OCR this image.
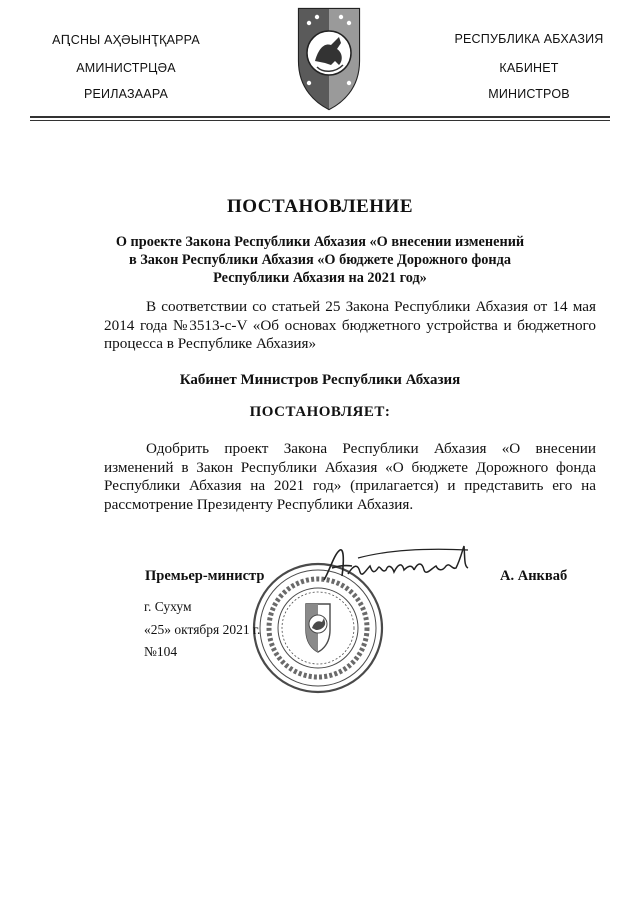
АԤСНЫ АҲӘЫНҬҚАРРА
АМИНИСТРЦӘА
РЕИЛАЗААРА
РЕСПУБЛИКА АБХАЗИЯ
КАБИНЕТ
МИНИСТРОВ
ПОСТАНОВЛЕНИЕ
О проекте Закона Республики Абхазия «О внесении изменений
в Закон Республики Абхазия «О бюджете Дорожного фонда
Республики Абхазия на 2021 год»
В соответствии со статьей 25 Закона Республики Абхазия от 14 мая 2014 года №3513-с-V «Об основах бюджетного устройства и бюджетного процесса в Республике Абхазия»
Кабинет Министров Республики Абхазия
ПОСТАНОВЛЯЕТ:
Одобрить проект Закона Республики Абхазия «О внесении изменений в Закон Республики Абхазия «О бюджете Дорожного фонда Республики Абхазия на 2021 год» (прилагается) и представить его на рассмотрение Президенту Республики Абхазия.
Премьер-министр	А. Анкваб
г. Сухум
«25» октября 2021 г.
№104
